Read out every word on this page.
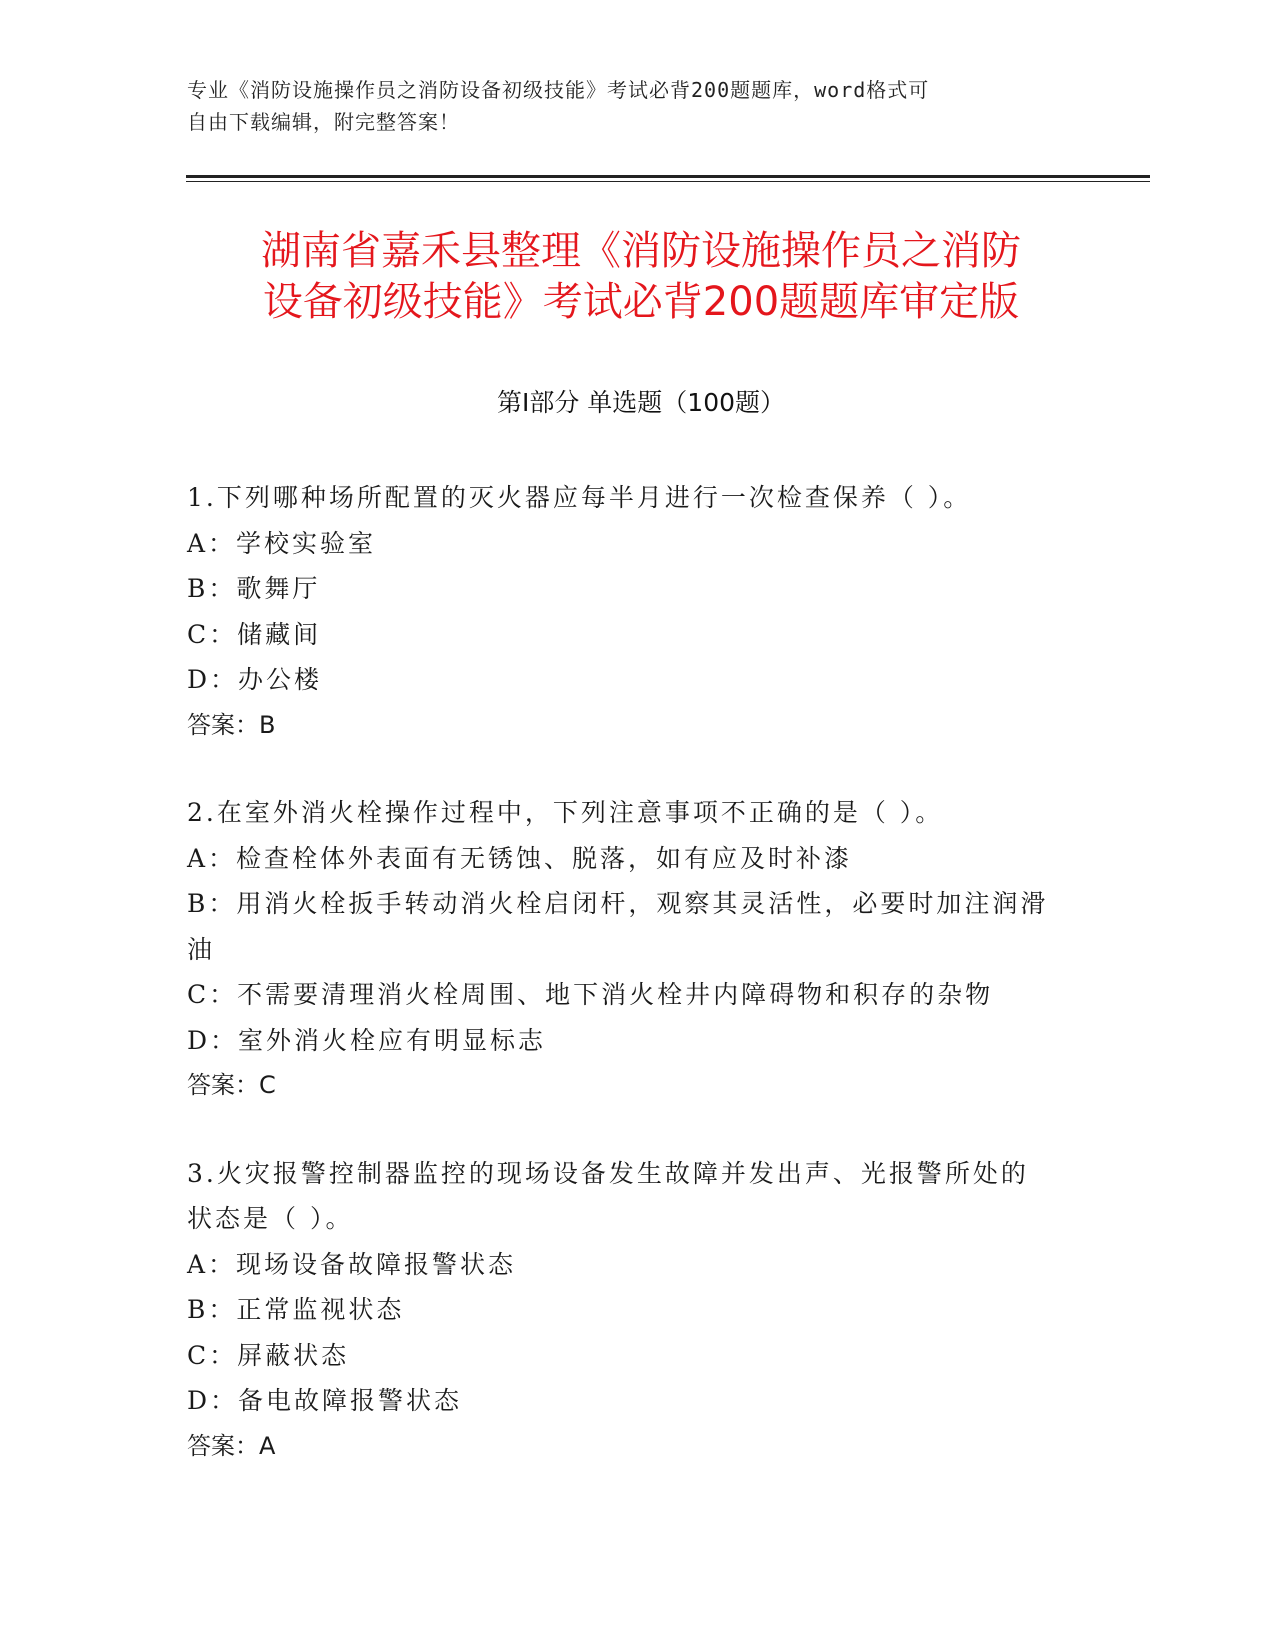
专业《消防设施操作员之消防设备初级技能》考试必背200题题库，word格式可
自由下载编辑，附完整答案！
湖南省嘉禾县整理《消防设施操作员之消防
设备初级技能》考试必背200题题库审定版
第Ⅰ部分 单选题（100题）
1.下列哪种场所配置的灭火器应每半月进行一次检查保养（ ）。
A：学校实验室
B：歌舞厅
C：储藏间
D：办公楼
答案：B
2.在室外消火栓操作过程中，下列注意事项不正确的是（ ）。
A：检查栓体外表面有无锈蚀、脱落，如有应及时补漆
B：用消火栓扳手转动消火栓启闭杆，观察其灵活性，必要时加注润滑
油
C：不需要清理消火栓周围、地下消火栓井内障碍物和积存的杂物
D：室外消火栓应有明显标志
答案：C
3.火灾报警控制器监控的现场设备发生故障并发出声、光报警所处的
状态是（ ）。
A：现场设备故障报警状态
B：正常监视状态
C：屏蔽状态
D：备电故障报警状态
答案：A
